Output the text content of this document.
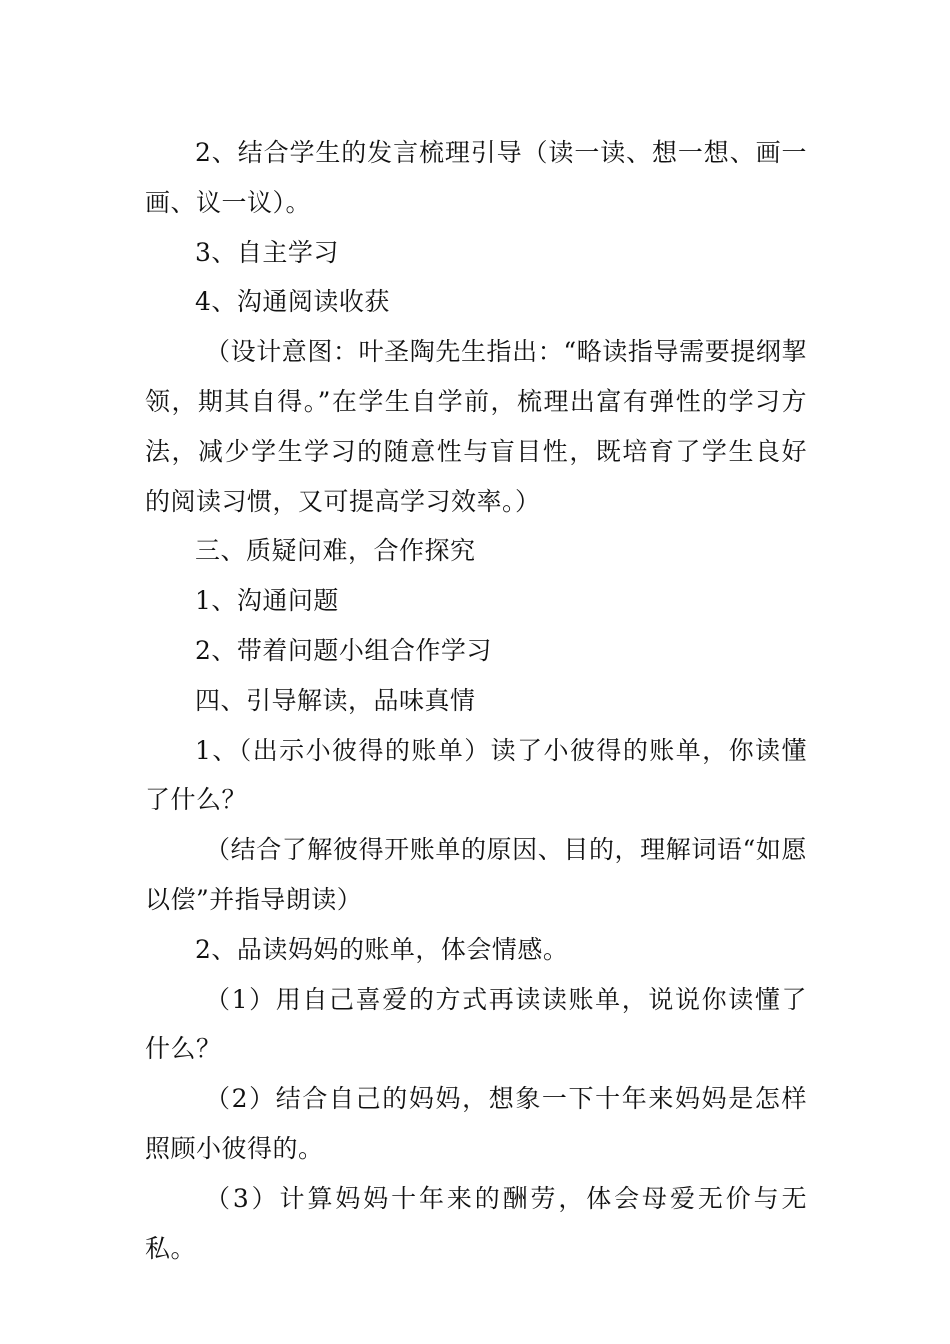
2、结合学生的发言梳理引导（读一读、想一想、画一画、议一议）。

3、自主学习

4、沟通阅读收获

（设计意图：叶圣陶先生指出：“略读指导需要提纲挈领，期其自得。”在学生自学前，梳理出富有弹性的学习方法，减少学生学习的随意性与盲目性，既培育了学生良好的阅读习惯，又可提高学习效率。）

三、质疑问难，合作探究

1、沟通问题

2、带着问题小组合作学习

四、引导解读，品味真情

1、（出示小彼得的账单）读了小彼得的账单，你读懂了什么？

（结合了解彼得开账单的原因、目的，理解词语“如愿以偿”并指导朗读）

2、品读妈妈的账单，体会情感。

（1）用自己喜爱的方式再读读账单，说说你读懂了什么？

（2）结合自己的妈妈，想象一下十年来妈妈是怎样照顾小彼得的。

（3）计算妈妈十年来的酬劳，体会母爱无价与无私。
